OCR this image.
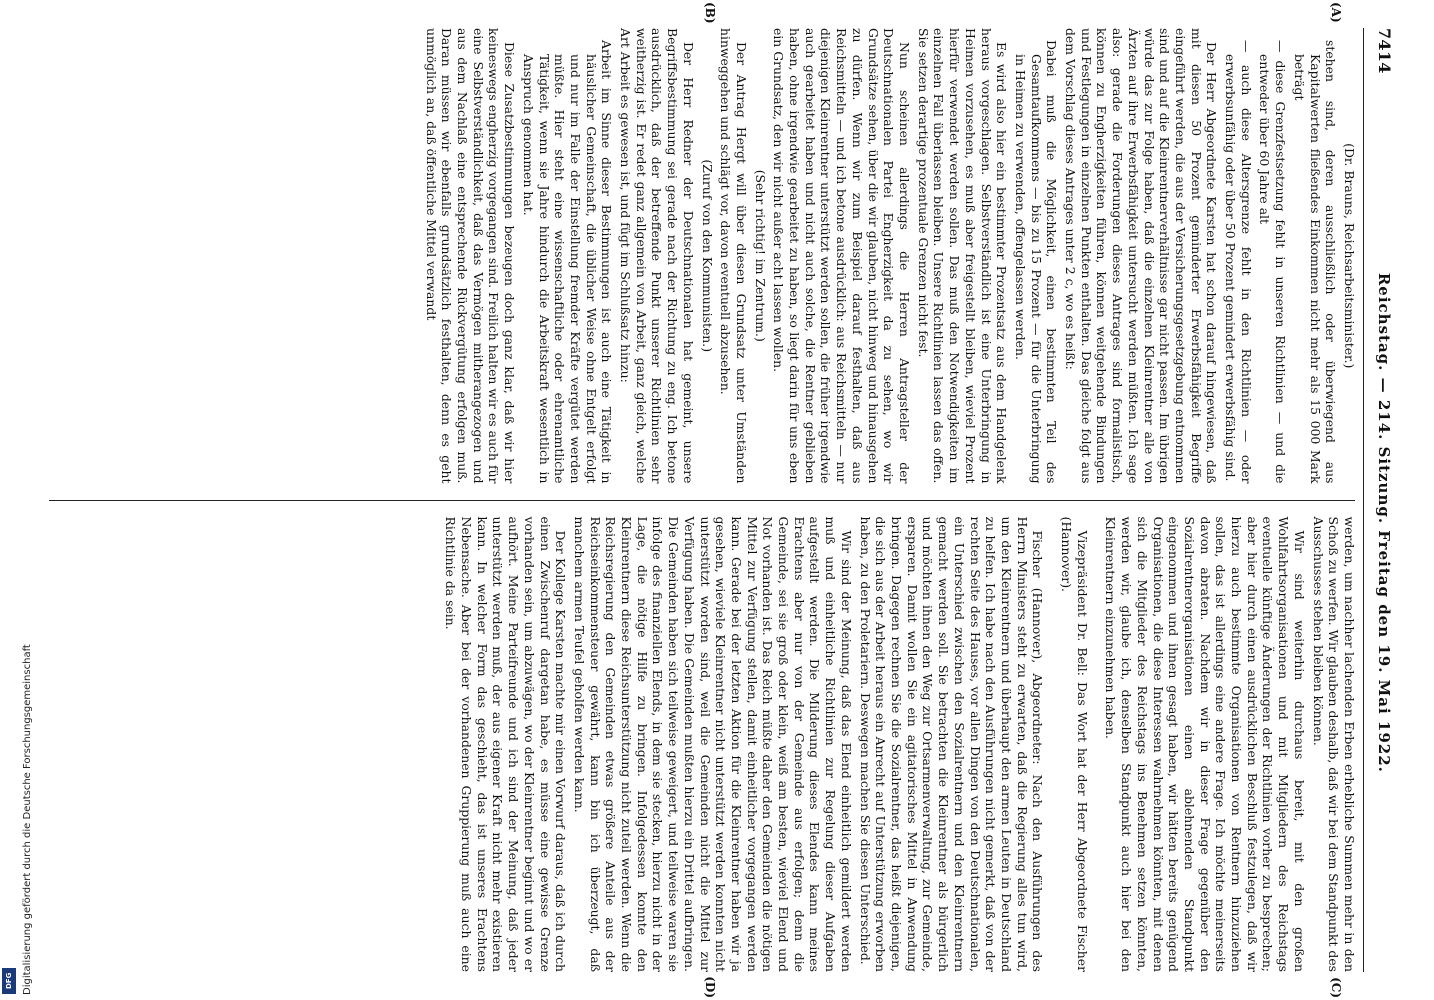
7414
Reichstag. — 214. Sitzung. Freitag den 19. Mai 1922.
(A)
(B)

(Dr. Brauns, Reichsarbeitsminister.)

stehen sind, deren ausschließlich oder überwiegend aus Kapitalwerten fließendes Einkommen nicht mehr als 15 000 Mark beträgt

— diese Grenzfestsetzung fehlt in unseren Richtlinien — und die entweder über 60 Jahre alt

— auch diese Altersgrenze fehlt in den Richtlinien — oder erwerbsunfähig oder über 50 Prozent gemindert erwerbsfähig sind.

Der Herr Abgeordnete Karsten hat schon darauf hingewiesen, daß mit diesen 50 Prozent geminderter Erwerbsfähigkeit Begriffe eingeführt werden, die aus der Versicherungsgesetzgebung entnommen sind und auf die Kleinrentnerverhältnisse gar nicht passen. Im übrigen würde das zur Folge haben, daß die einzelnen Kleinrentner alle von Ärzten auf ihre Erwerbsfähigkeit untersucht werden müßten. Ich sage also: gerade die Forderungen dieses Antrages sind formalistisch, können zu Engherzigkeiten führen, können weitgehende Bindungen und Festlegungen in einzelnen Punkten enthalten. Das gleiche folgt aus dem Vorschlag dieses Antrages unter 2 c, wo es heißt:

Dabei muß die Möglichkeit, einen bestimmten Teil des Gesamtaufkommens — bis zu 15 Prozent — für die Unterbringung in Heimen zu verwenden, offengelassen werden.

Es wird also hier ein bestimmter Prozentsatz aus dem Handgelenk heraus vorgeschlagen. Selbstverständlich ist eine Unterbringung in Heimen vorzusehen, es muß aber freigestellt bleiben, wieviel Prozent hierfür verwendet werden sollen. Das muß den Notwendigkeiten im einzelnen Fall überlassen bleiben. Unsere Richtlinien lassen das offen. Sie setzen derartige prozentuale Grenzen nicht fest.

Nun scheinen allerdings die Herren Antragsteller der Deutschnationalen Partei Engherzigkeit da zu sehen, wo wir Grundsätze sehen, über die wir glauben, nicht hinweg und hinausgehen zu dürfen. Wenn wir zum Beispiel darauf festhalten, daß aus Reichsmitteln — und ich betone ausdrücklich: aus Reichsmitteln — nur diejenigen Kleinrentner unterstützt werden sollen, die früher irgendwie auch gearbeitet haben und nicht auch solche, die Rentner geblieben haben, ohne irgendwie gearbeitet zu haben, so liegt darin für uns eben ein Grundsatz, den wir nicht außer acht lassen wollen.

(Sehr richtig! im Zentrum.)

Der Antrag Hergt will über diesen Grundsatz unter Umständen hinweggehen und schlägt vor, davon eventuell abzusehen.

(Zuruf von den Kommunisten.)

Der Herr Redner der Deutschnationalen hat gemeint, unsere Begriffsbestimmung sei gerade nach der Richtung zu eng. Ich betone ausdrücklich, daß der betreffende Punkt unserer Richtlinien sehr weitherzig ist. Er redet ganz allgemein von Arbeit, ganz gleich, welche Art Arbeit es gewesen ist, und fügt im Schlußsatz hinzu:

Arbeit im Sinne dieser Bestimmungen ist auch eine Tätigkeit in häuslicher Gemeinschaft, die üblicher Weise ohne Entgelt erfolgt und nur im Falle der Einstellung fremder Kräfte vergütet werden müßte. Hier steht eine wissenschaftliche oder ehrenamtliche Tätigkeit, wenn sie Jahre hindurch die Arbeitskraft wesentlich in Anspruch genommen hat.

Diese Zusatzbestimmungen bezeugen doch ganz klar, daß wir hier keineswegs engherzig vorgegangen sind. Freilich halten wir es auch für eine Selbstverständlichkeit, daß das Vermögen mitherangezogen und aus dem Nachlaß eine entsprechende Rückvergütung erfolgen muß. Daran müssen wir ebenfalls grundsätzlich festhalten, denn es geht unmöglich an, daß öffentliche Mittel verwandt

(C)
(D)

werden, um nachher lachenden Erben erhebliche Summen mehr in den Schoß zu werfen. Wir glauben deshalb, daß wir bei dem Standpunkt des Ausschusses stehen bleiben können.

Wir sind weiterhin durchaus bereit, mit den großen Wohlfahrtsorganisationen und mit Mitgliedern des Reichstags eventuelle künftige Änderungen der Richtlinien vorher zu besprechen; aber hier durch einen ausdrücklichen Beschluß festzulegen, daß wir hierzu auch bestimmte Organisationen von Rentnern hinzuziehen sollen, das ist allerdings eine andere Frage. Ich möchte meinerseits davon abraten. Nachdem wir in dieser Frage gegenüber den Sozialrentnerorganisationen einen ablehnenden Standpunkt eingenommen und ihnen gesagt haben, wir hätten bereits genügend Organisationen, die diese Interessen wahrnehmen könnten, mit denen sich die Mitglieder des Reichstags ins Benehmen setzen könnten, werden wir, glaube ich, denselben Standpunkt auch hier bei den Kleinrentnern einzunehmen haben.

Vizepräsident Dr. Bell: Das Wort hat der Herr Abgeordnete Fischer (Hannover).

Fischer (Hannover), Abgeordneter: Nach den Ausführungen des Herrn Ministers steht zu erwarten, daß die Regierung alles tun wird, um den Kleinrentnern und überhaupt den armen Leuten in Deutschland zu helfen. Ich habe nach den Ausführungen nicht gemerkt, daß von der rechten Seite des Hauses, vor allen Dingen von den Deutschnationalen, ein Unterschied zwischen den Sozialrentnern und den Kleinrentnern gemacht werden soll. Sie betrachten die Kleinrentner als bürgerlich und möchten ihnen den Weg zur Ortsarmenverwaltung, zur Gemeinde, ersparen. Damit wollen Sie ein agitatorisches Mittel in Anwendung bringen. Dagegen rechnen Sie die Sozialrentner, das heißt diejenigen, die sich aus der Arbeit heraus ein Anrecht auf Unterstützung erworben haben, zu den Proletariern. Deswegen machen Sie diesen Unterschied.

Wir sind der Meinung, daß das Elend einheitlich gemildert werden muß und einheitliche Richtlinien zur Regelung dieser Aufgaben aufgestellt werden. Die Milderung dieses Elendes kann meines Erachtens aber nur von der Gemeinde aus erfolgen; denn die Gemeinde, sei sie groß oder klein, weiß am besten, wieviel Elend und Not vorhanden ist. Das Reich müßte daher den Gemeinden die nötigen Mittel zur Verfügung stellen, damit einheitlicher vorgegangen werden kann. Gerade bei der letzten Aktion für die Kleinrentner haben wir ja gesehen, wieviele Kleinrentner nicht unterstützt werden konnten nicht unterstützt worden sind, weil die Gemeinden nicht die Mittel zur Verfügung haben. Die Gemeinden mußten hierzu ein Drittel aufbringen. Die Gemeinden haben sich teilweise geweigert, und teilweise waren sie infolge des finanziellen Elends, in dem sie stecken, hierzu nicht in der Lage, die nötige Hilfe zu bringen. Infolgedessen konnte den Kleinrentnern diese Reichsunterstützung nicht zuteil werden. Wenn die Reichsregierung den Gemeinden etwas größere Anteile aus der Reichseinkommensteuer gewährt, kann bin ich überzeugt, daß manchem armen Teufel geholfen werden kann.

Der Kollege Karsten machte mir einen Vorwurf daraus, daß ich durch einen Zwischenruf dargetan habe, es müsse eine gewisse Grenze vorhanden sein, um abzuwägen, wo der Kleinrentner beginnt und wo er aufhört. Meine Parteifreunde und ich sind der Meinung, daß jeder unterstützt werden muß, der aus eigener Kraft nicht mehr existieren kann. In welcher Form das geschieht, das ist unseres Erachtens Nebensache. Aber bei der vorhandenen Gruppierung muß auch eine Richtlinie da sein.

Digitalisierung gefördert durch die Deutsche Forschungsgemeinschaft
DFG
